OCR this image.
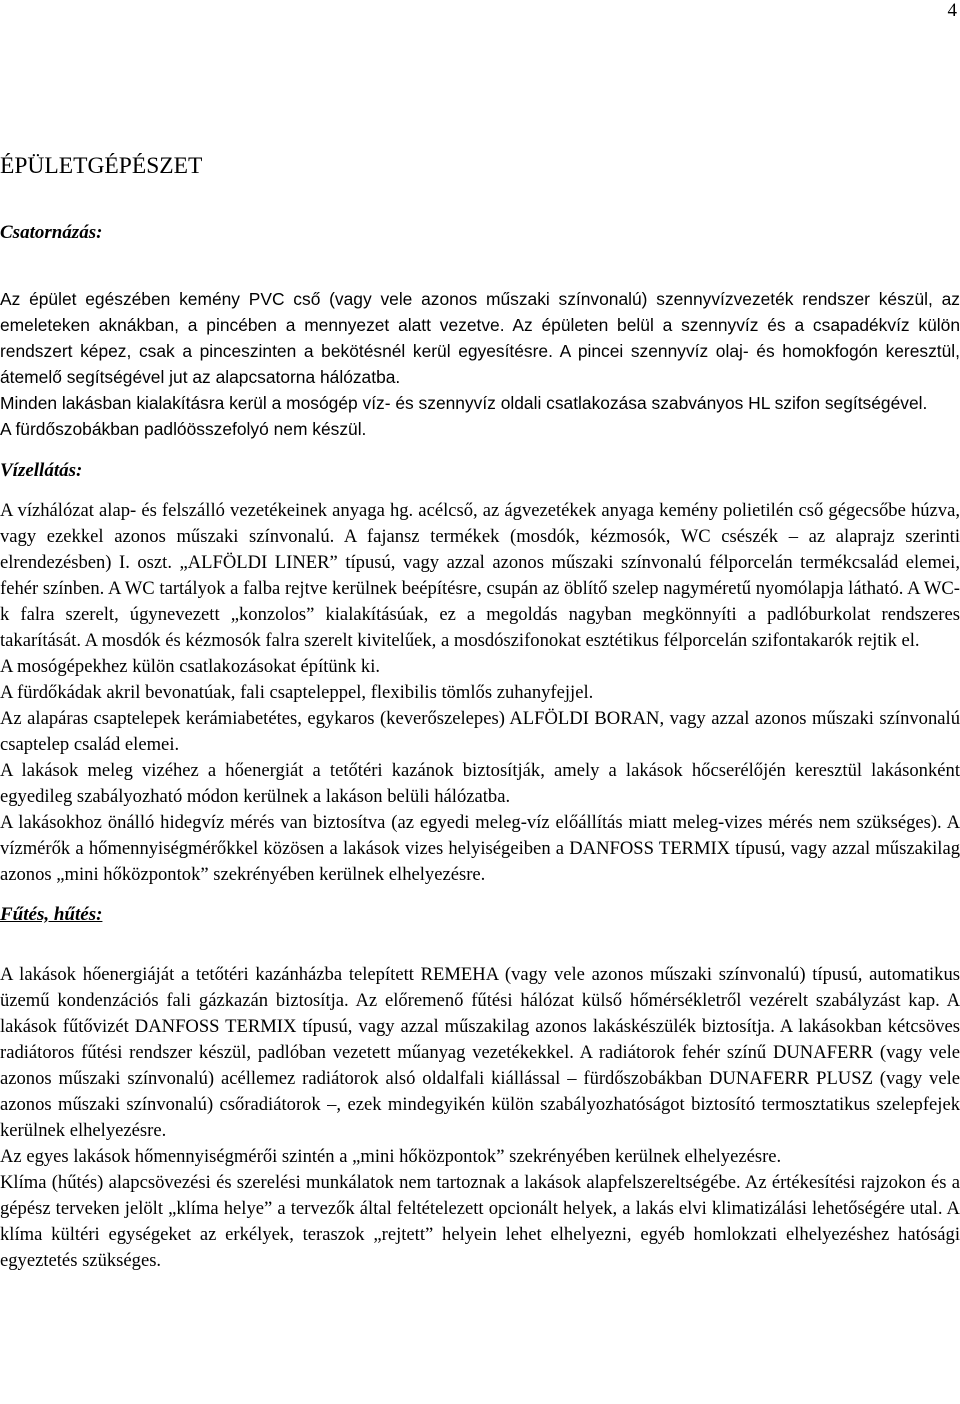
4
ÉPÜLETGÉPÉSZET
Csatornázás:

Az épület egészében kemény PVC cső (vagy vele azonos műszaki színvonalú) szennyvízvezeték rendszer készül, az emeleteken aknákban, a pincében a mennyezet alatt vezetve. Az épületen belül a szennyvíz és a csapadékvíz külön rendszert képez, csak a pinceszinten a bekötésnél kerül egyesítésre. A pincei szennyvíz olaj- és homokfogón keresztül, átemelő segítségével jut az alapcsatorna hálózatba.

Minden lakásban kialakításra kerül a mosógép víz- és szennyvíz oldali csatlakozása szabványos HL szifon segítségével.

A fürdőszobákban padlóösszefolyó nem készül.

Vízellátás:

A vízhálózat alap- és felszálló vezetékeinek anyaga hg. acélcső, az ágvezetékek anyaga kemény polietilén cső gégecsőbe húzva, vagy ezekkel azonos műszaki színvonalú. A fajansz termékek (mosdók, kézmosók, WC csészék – az alaprajz szerinti elrendezésben) I. oszt. „ALFÖLDI LINER” típusú, vagy azzal azonos műszaki színvonalú félporcelán termékcsalád elemei, fehér színben. A WC tartályok a falba rejtve kerülnek beépítésre, csupán az öblítő szelep nagyméretű nyomólapja látható. A WC-k falra szerelt, úgynevezett „konzolos” kialakításúak, ez a megoldás nagyban megkönnyíti a padlóburkolat rendszeres takarítását. A mosdók és kézmosók falra szerelt kivitelűek, a mosdószifonokat esztétikus félporcelán szifontakarók rejtik el.

A mosógépekhez külön csatlakozásokat építünk ki.

A fürdőkádak akril bevonatúak, fali csapteleppel, flexibilis tömlős zuhanyfejjel.

Az alapáras csaptelepek kerámiabetétes, egykaros (keverőszelepes) ALFÖLDI BORAN, vagy azzal azonos műszaki színvonalú csaptelep család elemei.

A lakások meleg vizéhez a hőenergiát a tetőtéri kazánok biztosítják, amely a lakások hőcserélőjén keresztül lakásonként egyedileg szabályozható módon kerülnek a lakáson belüli hálózatba.

A lakásokhoz önálló hidegvíz mérés van biztosítva (az egyedi meleg-víz előállítás miatt meleg-vizes mérés nem szükséges). A vízmérők a hőmennyiségmérőkkel közösen a lakások vizes helyiségeiben a DANFOSS TERMIX típusú, vagy azzal műszakilag azonos „mini hőközpontok” szekrényében kerülnek elhelyezésre.

Fűtés, hűtés:

A lakások hőenergiáját a tetőtéri kazánházba telepített REMEHA (vagy vele azonos műszaki színvonalú) típusú, automatikus üzemű kondenzációs fali gázkazán biztosítja. Az előremenő fűtési hálózat külső hőmérsékletről vezérelt szabályzást kap. A lakások fűtővizét DANFOSS TERMIX típusú, vagy azzal műszakilag azonos lakáskészülék biztosítja. A lakásokban kétcsöves radiátoros fűtési rendszer készül, padlóban vezetett műanyag vezetékekkel. A radiátorok fehér színű DUNAFERR (vagy vele azonos műszaki színvonalú) acéllemez radiátorok alsó oldalfali kiállással – fürdőszobákban DUNAFERR PLUSZ (vagy vele azonos műszaki színvonalú) csőradiátorok –, ezek mindegyikén külön szabályozhatóságot biztosító termosztatikus szelepfejek kerülnek elhelyezésre.

Az egyes lakások hőmennyiségmérői szintén a „mini hőközpontok” szekrényében kerülnek elhelyezésre.

Klíma (hűtés) alapcsövezési és szerelési munkálatok nem tartoznak a lakások alapfelszereltségébe. Az értékesítési rajzokon és a gépész terveken jelölt „klíma helye” a tervezők által feltételezett opcionált helyek, a lakás elvi klimatizálási lehetőségére utal. A klíma kültéri egységeket az erkélyek, teraszok „rejtett” helyein lehet elhelyezni, egyéb homlokzati elhelyezéshez hatósági egyeztetés szükséges.
